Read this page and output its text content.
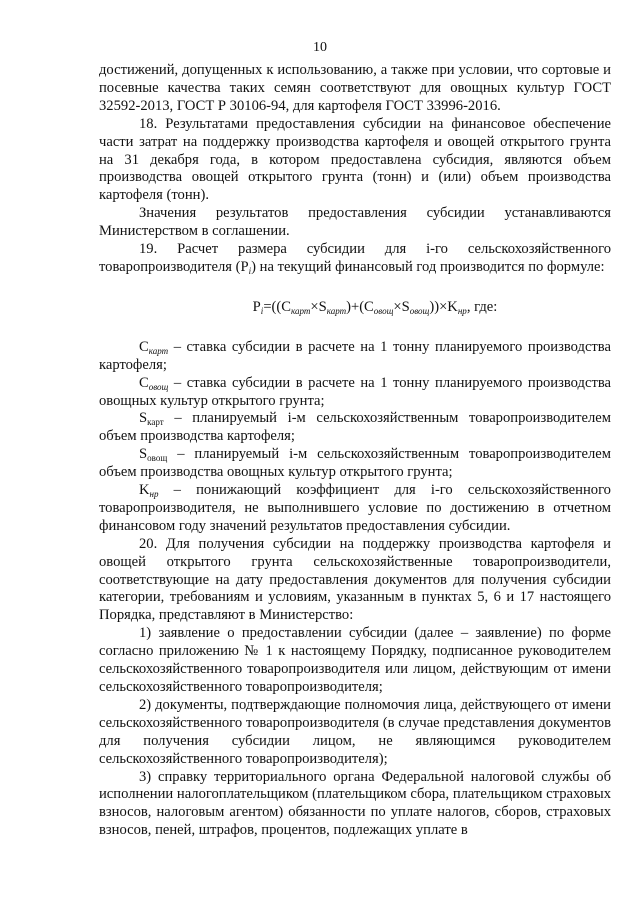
10

достижений, допущенных к использованию, а также при условии, что сортовые и посевные качества таких семян соответствуют для овощных культур ГОСТ 32592-2013, ГОСТ Р 30106-94, для картофеля ГОСТ 33996-2016.

18. Результатами предоставления субсидии на финансовое обеспечение части затрат на поддержку производства картофеля и овощей открытого грунта на 31 декабря года, в котором предоставлена субсидия, являются объем производства овощей открытого грунта (тонн) и (или) объем производства картофеля (тонн).

Значения результатов предоставления субсидии устанавливаются Министерством в соглашении.

19. Расчет размера субсидии для i-го сельскохозяйственного товаропроизводителя $(P_i)$ на текущий финансовый год производится по формуле:

$P_i=((C_{карт}\times S_{карт})+(C_{овощ}\times S_{овощ}))\times K_{нр}$, где:

$C_{карт}$ – ставка субсидии в расчете на 1 тонну планируемого производства картофеля;

$C_{овощ}$ – ставка субсидии в расчете на 1 тонну планируемого производства овощных культур открытого грунта;

$S_{карт}$ – планируемый i-м сельскохозяйственным товаропроизводителем объем производства картофеля;

$S_{овощ}$ – планируемый i-м сельскохозяйственным товаропроизводителем объем производства овощных культур открытого грунта;

$K_{нр}$ – понижающий коэффициент для i-го сельскохозяйственного товаропроизводителя, не выполнившего условие по достижению в отчетном финансовом году значений результатов предоставления субсидии.

20. Для получения субсидии на поддержку производства картофеля и овощей открытого грунта сельскохозяйственные товаропроизводители, соответствующие на дату предоставления документов для получения субсидии категории, требованиям и условиям, указанным в пунктах 5, 6 и 17 настоящего Порядка, представляют в Министерство:

1) заявление о предоставлении субсидии (далее – заявление) по форме согласно приложению № 1 к настоящему Порядку, подписанное руководителем сельскохозяйственного товаропроизводителя или лицом, действующим от имени сельскохозяйственного товаропроизводителя;

2) документы, подтверждающие полномочия лица, действующего от имени сельскохозяйственного товаропроизводителя (в случае представления документов для получения субсидии лицом, не являющимся руководителем сельскохозяйственного товаропроизводителя);

3) справку территориального органа Федеральной налоговой службы об исполнении налогоплательщиком (плательщиком сбора, плательщиком страховых взносов, налоговым агентом) обязанности по уплате налогов, сборов, страховых взносов, пеней, штрафов, процентов, подлежащих уплате в
